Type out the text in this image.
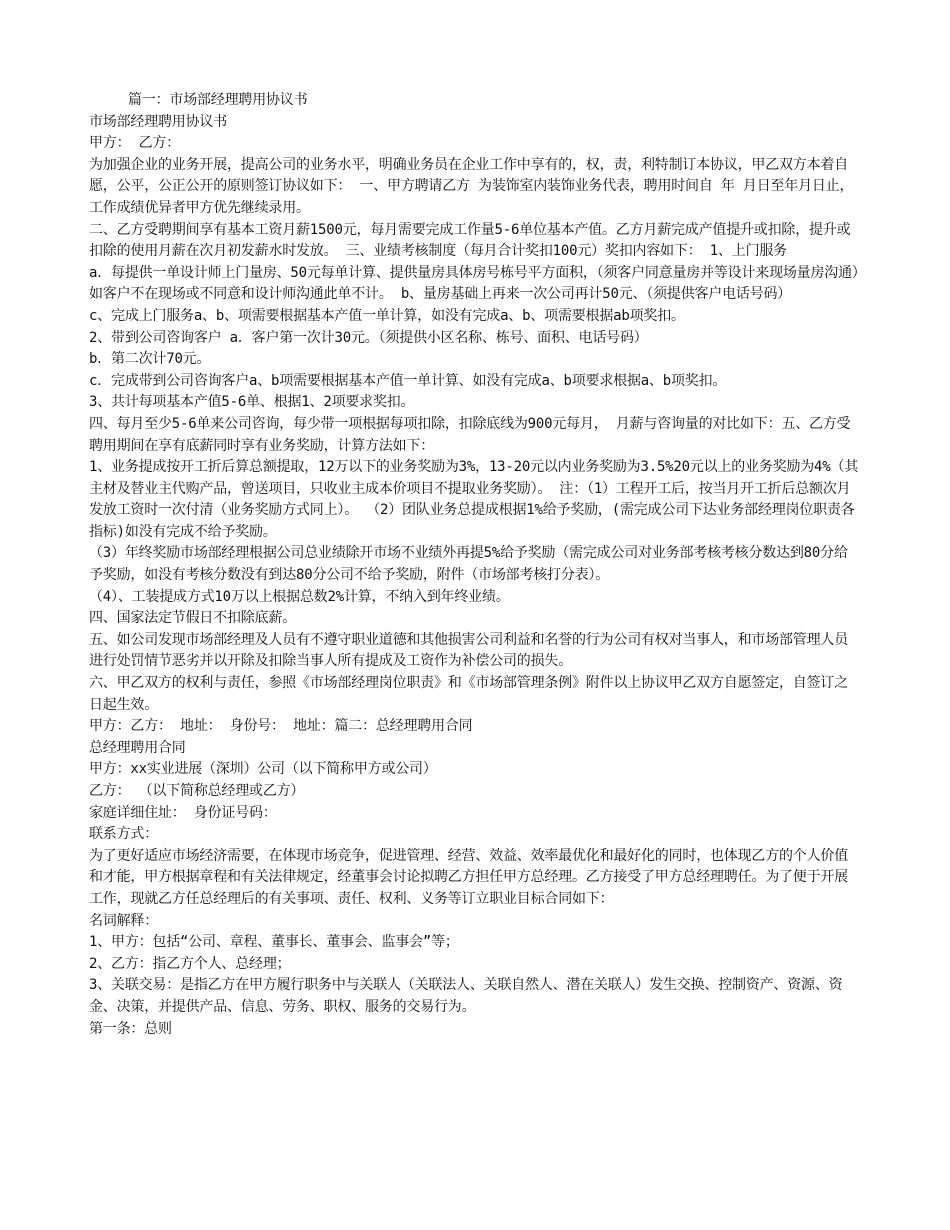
篇一：市场部经理聘用协议书

市场部经理聘用协议书

甲方： 乙方：

为加强企业的业务开展，提高公司的业务水平，明确业务员在企业工作中享有的，权，责，利特制订本协议，甲乙双方本着自愿，公平，公正公开的原则签订协议如下： 一、甲方聘请乙方 为装饰室内装饰业务代表，聘用时间自 年 月日至年月日止，工作成绩优异者甲方优先继续录用。

二、乙方受聘期间享有基本工资月薪1500元，每月需要完成工作量5-6单位基本产值。乙方月薪完成产值提升或扣除，提升或扣除的使用月薪在次月初发薪水时发放。 三、业绩考核制度（每月合计奖扣100元）奖扣内容如下： 1、上门服务

a．每提供一单设计师上门量房、50元每单计算、提供量房具体房号栋号平方面积，（须客户同意量房并等设计来现场量房沟通）如客户不在现场或不同意和设计师沟通此单不计。 b、量房基础上再来一次公司再计50元、（须提供客户电话号码）

c、完成上门服务a、b、项需要根据基本产值一单计算，如没有完成a、b、项需要根据ab项奖扣。

2、带到公司咨询客户 a．客户第一次计30元。（须提供小区名称、栋号、面积、电话号码）

b．第二次计70元。

c．完成带到公司咨询客户a、b项需要根据基本产值一单计算、如没有完成a、b项要求根据a、b项奖扣。

3、共计每项基本产值5-6单、根据1、2项要求奖扣。

四、每月至少5-6单来公司咨询，每少带一项根据每项扣除，扣除底线为900元每月， 月薪与咨询量的对比如下：五、乙方受聘用期间在享有底薪同时享有业务奖励，计算方法如下：

1、业务提成按开工折后算总额提取，12万以下的业务奖励为3%，13-20元以内业务奖励为3.5%20元以上的业务奖励为4%（其主材及替业主代购产品，曾送项目，只收业主成本价项目不提取业务奖励）。 注：（1）工程开工后，按当月开工折后总额次月发放工资时一次付清（业务奖励方式同上）。 （2）团队业务总提成根据1%给予奖励，(需完成公司下达业务部经理岗位职责各指标)如没有完成不给予奖励。

（3）年终奖励市场部经理根据公司总业绩除开市场不业绩外再提5%给予奖励（需完成公司对业务部考核考核分数达到80分给予奖励，如没有考核分数没有到达80分公司不给予奖励，附件（市场部考核打分表）。

（4）、工装提成方式10万以上根据总数2%计算，不纳入到年终业绩。

四、国家法定节假日不扣除底薪。

五、如公司发现市场部经理及人员有不遵守职业道德和其他损害公司利益和名誉的行为公司有权对当事人，和市场部管理人员进行处罚情节恶劣并以开除及扣除当事人所有提成及工资作为补偿公司的损失。

六、甲乙双方的权利与责任，参照《市场部经理岗位职责》和《市场部管理条例》附件以上协议甲乙双方自愿签定，自签订之日起生效。

甲方：乙方： 地址： 身份号： 地址：篇二：总经理聘用合同

总经理聘用合同

甲方：xx实业进展（深圳）公司（以下简称甲方或公司）

乙方： （以下简称总经理或乙方）

家庭详细住址： 身份证号码：

联系方式：

为了更好适应市场经济需要，在体现市场竞争，促进管理、经营、效益、效率最优化和最好化的同时，也体现乙方的个人价值和才能，甲方根据章程和有关法律规定，经董事会讨论拟聘乙方担任甲方总经理。乙方接受了甲方总经理聘任。为了便于开展工作，现就乙方任总经理后的有关事项、责任、权利、义务等订立职业目标合同如下：

名词解释：

1、甲方：包括“公司、章程、董事长、董事会、监事会”等；

2、乙方：指乙方个人、总经理；

3、关联交易：是指乙方在甲方履行职务中与关联人（关联法人、关联自然人、潜在关联人）发生交换、控制资产、资源、资金、决策，并提供产品、信息、劳务、职权、服务的交易行为。

第一条：总则
